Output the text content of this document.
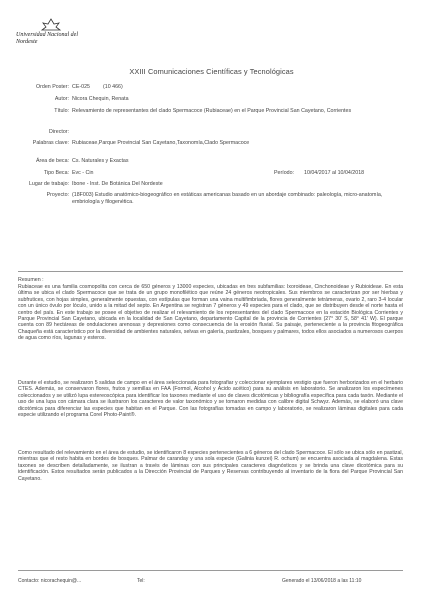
Universidad Nacional del Nordeste
XXIII Comunicaciones Científicas y Tecnológicas
Orden Poster: CE-025 (10 466)
Autor: Nicora Chequin, Renata
Título: Relevamiento de representantes del clado Spermacoce (Rubiaceae) en el Parque Provincial San Cayetano, Corrientes
Director:
Palabras clave: Rubiaceae,Parque Provincial San Cayetano,Taxonomía,Clado Spermacoce
Área de beca: Cs. Naturales y Exactas
Tipo Beca: Evc - Cin	Período: 10/04/2017 al 10/04/2018
Lugar de trabajo: Ibone - Inst. De Botánica Del Nordeste
Proyecto: (18F003) Estudio anatómico-biogeográfico en estáticas americanas basado en un abordaje combinado: paleología, micro-anatomía, embriología y filogenética.
Resumen :
Rubiaceae es una familia cosmopolita con cerca de 650 géneros y 13000 especies, ubicadas en tres subfamilias: Ixoroideae, Cinchonoideae y Rubioideae. En esta última se ubica el clado Spermacoce que se trata de un grupo monofilético que reúne 24 géneros neotropicales. Sus miembros se caracterizan por ser hierbas y subfrutices, con hojas simples, generalmente opuestas, con estípulas que forman una vaina multifimbriada, flores generalmente tetrámeras, ovario 2, raro 3-4 locular con un único óvulo por lóculo, unido a la mitad del septo. En Argentina se registran 7 géneros y 49 especies para el clado, que se distribuyen desde el norte hasta el centro del país. En este trabajo se posee el objetivo de realizar el relevamiento de los representantes del clado Spermacoce en la estación Biológica Corrientes y Parque Provincial San Cayetano, ubicada en la localidad de San Cayetano, departamento Capital de la provincia de Corrientes (27° 30' S, 58° 41' W). El parque cuenta con 89 hectáreas de ondulaciones arenosas y depresiones como consecuencia de la erosión fluvial. Su paisaje, perteneciente a la provincia fitogeográfica Chaqueña está característico por la diversidad de ambientes naturales, selvas en galería, pastizales, bosques y palmares, todos ellos asociados a numerosos cuerpos de agua como ríos, lagunas y esteros.
Durante el estudio, se realizaron 5 salidas de campo en el área seleccionada para fotografiar y coleccionar ejemplares vestigio que fueron herborizados en el herbario CTES. Además, se conservaron flores, frutos y semillas en FAA (Formol, Alcohol y Ácido acético) para su análisis en laboratorio. Se analizaron los especímenes coleccionados y se utilizó lupa estereoscópica para identificar los taxones mediante el uso de claves dicotómicas y bibliografía específica para cada taxón. Mediante el uso de una lupa con cámara clara se ilustraron los caracteres de valor taxonómico y se tomaron medidas con calibre digital Schwyz. Además, se elaboró una clave dicotómica para diferenciar las especies que habitan en el Parque. Con las fotografías tomadas en campo y laboratorio, se realizaron láminas digitales para cada especie utilizando el programa Corel Photo-Paint®.
Como resultado del relevamiento en el área de estudio, se identificaron 8 especies pertenecientes a 6 géneros del clado Spermacoce. El sólo se ubica sólo en pastizal, mientras que el resto habita en bordes de bosques. Palmar de caranday y una sola especie (Galinia kunzei) R. ochum) se encuentra asociada al magdalena. Estas taxones se describen detalladamente, se ilustran a través de láminas con sus principales caracteres diagnósticos y se brinda una clave dicotómica para su identificación. Estos resultados serán publicados a la Dirección Provincial de Parques y Reservas contribuyendo al inventario de la flora del Parque Provincial San Cayetano.
Contacto: nicorachequin@...	Tel:	Generado el 13/06/2018 a las 11:10
